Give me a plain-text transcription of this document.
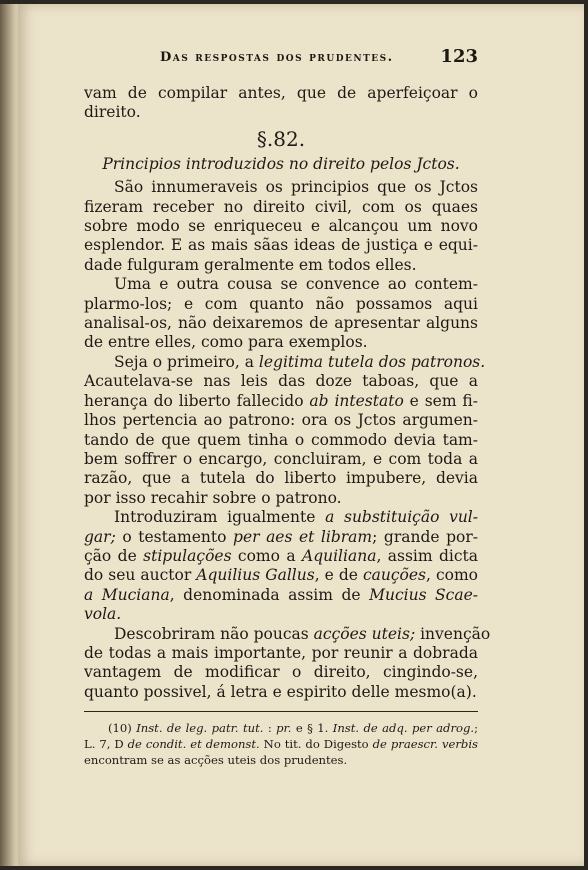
Das respostas dos prudentes.	123
vam de compilar antes, que de aperfeiçoar o
direito.
§.82.
Principios introduzidos no direito pelos Jctos.
São innumeraveis os principios que os Jctos
fizeram receber no direito civil, com os quaes
sobre modo se enriqueceu e alcançou um novo
esplendor. E as mais sãas ideas de justiça e equi-
dade fulguram geralmente em todos elles.
Uma e outra cousa se convence ao contem-
plarmo-los; e com quanto não possamos aqui
analisal-os, não deixaremos de apresentar alguns
de entre elles, como para exemplos.
Seja o primeiro, a legitima tutela dos patronos.
Acautelava-se nas leis das doze taboas, que a
herança do liberto fallecido ab intestato e sem fi-
lhos pertencia ao patrono: ora os Jctos argumen-
tando de que quem tinha o commodo devia tam-
bem soffrer o encargo, concluiram, e com toda a
razão, que a tutela do liberto impubere, devia
por isso recahir sobre o patrono.
Introduziram igualmente a substituição vul-
gar; o testamento per aes et libram; grande por-
ção de stipulações como a Aquiliana, assim dicta
do seu auctor Aquilius Gallus, e de cauções, como
a Muciana, denominada assim de Mucius Scae-
vola.
Descobriram não poucas acções uteis; invenção
de todas a mais importante, por reunir a dobrada
vantagem de modificar o direito, cingindo-se,
quanto possivel, á letra e espirito delle mesmo(a).
(10) Inst. de leg. patr. tut. : pr. e § 1. Inst. de adq. per adrog.;
L. 7, D de condit. et demonst. No tit. do Digesto de praescr. verbis
encontram se as acções uteis dos prudentes.
